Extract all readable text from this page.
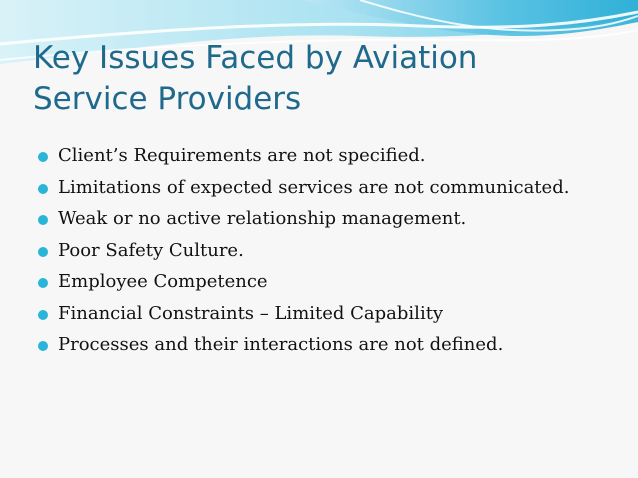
Key Issues Faced by Aviation
Service Providers
Client’s Requirements are not specified.
Limitations of expected services are not communicated.
Weak or no active relationship management.
Poor Safety Culture.
Employee Competence
Financial Constraints – Limited Capability
Processes and their interactions are not defined.
